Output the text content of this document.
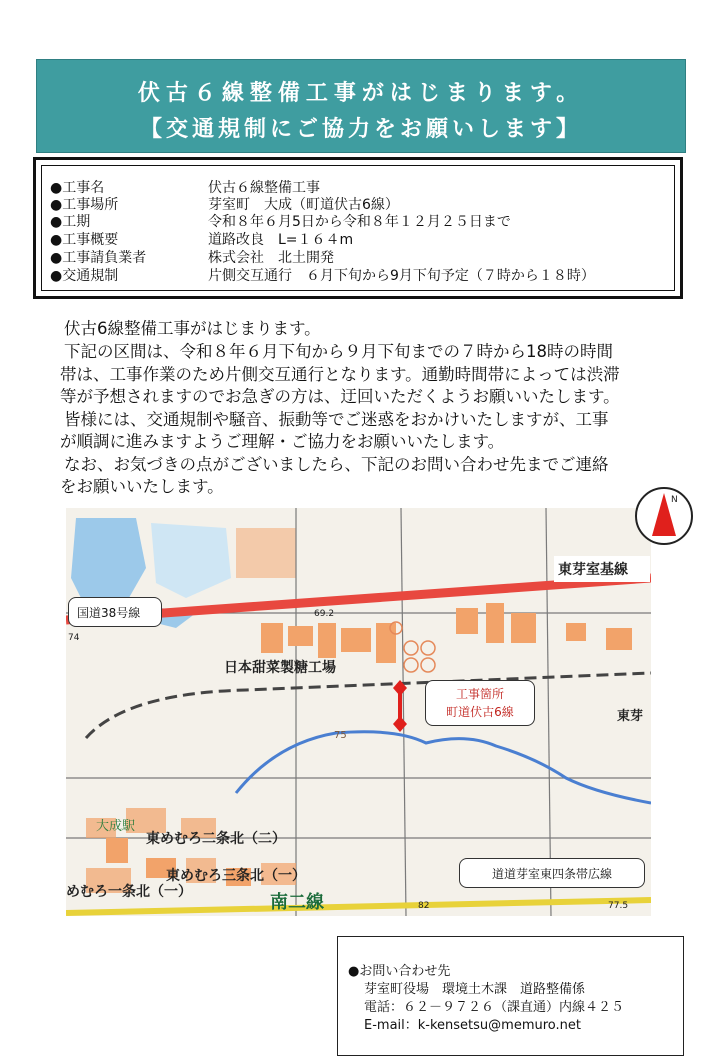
伏古６線整備工事がはじまります。
【交通規制にご協力をお願いします】
●工事名	伏古６線整備工事
●工事場所	芽室町　大成（町道伏古6線）
●工期	令和８年６月5日から令和８年１２月２５日まで
●工事概要	道路改良　L=１６４m
●工事請負業者	株式会社　北土開発
●交通規制	片側交互通行　６月下旬から9月下旬予定（７時から１８時）
伏古6線整備工事がはじまります。
下記の区間は、令和８年６月下旬から９月下旬までの７時から18時の時間
帯は、工事作業のため片側交互通行となります。通勤時間帯によっては渋滞
等が予想されますのでお急ぎの方は、迂回いただくようお願いいたします。
皆様には、交通規制や騒音、振動等でご迷惑をおかけいたしますが、工事
が順調に進みますようご理解・ご協力をお願いいたします。
なお、お気づきの点がございましたら、下記のお問い合わせ先までご連絡
をお願いいたします。
日本甜菜製糖工場
75
大成駅
東めむろ二条北（二）
東めむろ三条北（一）
めむろ一条北（一）	南二線	82
74
69.2
77.5
東芽
東芽室基線
国道38号線
工事箇所
町道伏古6線
道道芽室東四条帯広線
N
●お問い合わせ先
芽室町役場　環境土木課　道路整備係
電話：６２－９７２６（課直通）内線４２５
E-mail：k-kensetsu@memuro.net
